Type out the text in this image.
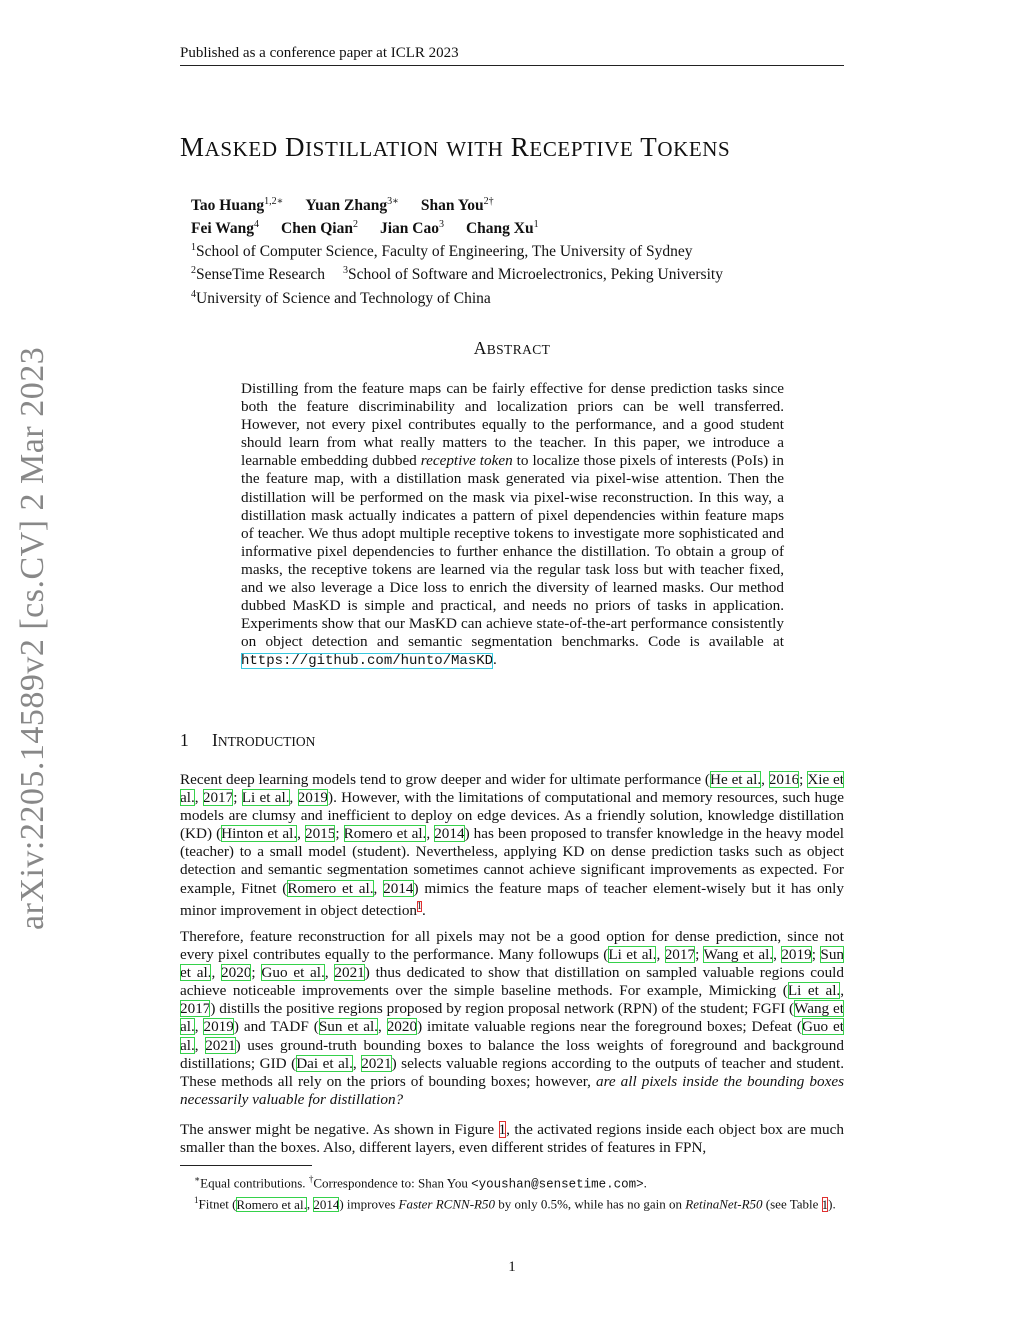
Published as a conference paper at ICLR 2023
arXiv:2205.14589v2 [cs.CV] 2 Mar 2023
MASKED DISTILLATION WITH RECEPTIVE TOKENS
Tao Huang$^{1,2∗}$ Yuan Zhang$^{3∗}$ Shan You$^{2\dagger}$
Fei Wang$^4$ Chen Qian$^2$ Jian Cao$^3$ Chang Xu$^1$
$^1$School of Computer Science, Faculty of Engineering, The University of Sydney
$^2$SenseTime Research $^3$School of Software and Microelectronics, Peking University
$^4$University of Science and Technology of China
ABSTRACT
Distilling from the feature maps can be fairly effective for dense prediction tasks since both the feature discriminability and localization priors can be well transferred. However, not every pixel contributes equally to the performance, and a good student should learn from what really matters to the teacher. In this paper, we introduce a learnable embedding dubbed receptive token to localize those pixels of interests (PoIs) in the feature map, with a distillation mask generated via pixel-wise attention. Then the distillation will be performed on the mask via pixel-wise reconstruction. In this way, a distillation mask actually indicates a pattern of pixel dependencies within feature maps of teacher. We thus adopt multiple receptive tokens to investigate more sophisticated and informative pixel dependencies to further enhance the distillation. To obtain a group of masks, the receptive tokens are learned via the regular task loss but with teacher fixed, and we also leverage a Dice loss to enrich the diversity of learned masks. Our method dubbed MasKD is simple and practical, and needs no priors of tasks in application. Experiments show that our MasKD can achieve state-of-the-art performance consistently on object detection and semantic segmentation benchmarks. Code is available at https://github.com/hunto/MasKD.
1 INTRODUCTION
Recent deep learning models tend to grow deeper and wider for ultimate performance (He et al., 2016; Xie et al., 2017; Li et al., 2019). However, with the limitations of computational and memory resources, such huge models are clumsy and inefficient to deploy on edge devices. As a friendly solution, knowledge distillation (KD) (Hinton et al., 2015; Romero et al., 2014) has been proposed to transfer knowledge in the heavy model (teacher) to a small model (student). Nevertheless, applying KD on dense prediction tasks such as object detection and semantic segmentation sometimes cannot achieve significant improvements as expected. For example, Fitnet (Romero et al., 2014) mimics the feature maps of teacher element-wisely but it has only minor improvement in object detection$^1$.
Therefore, feature reconstruction for all pixels may not be a good option for dense prediction, since not every pixel contributes equally to the performance. Many followups (Li et al., 2017; Wang et al., 2019; Sun et al., 2020; Guo et al., 2021) thus dedicated to show that distillation on sampled valuable regions could achieve noticeable improvements over the simple baseline methods. For example, Mimicking (Li et al., 2017) distills the positive regions proposed by region proposal network (RPN) of the student; FGFI (Wang et al., 2019) and TADF (Sun et al., 2020) imitate valuable regions near the foreground boxes; Defeat (Guo et al., 2021) uses ground-truth bounding boxes to balance the loss weights of foreground and background distillations; GID (Dai et al., 2021) selects valuable regions according to the outputs of teacher and student. These methods all rely on the priors of bounding boxes; however, are all pixels inside the bounding boxes necessarily valuable for distillation?
The answer might be negative. As shown in Figure 1, the activated regions inside each object box are much smaller than the boxes. Also, different layers, even different strides of features in FPN,
∗Equal contributions. †Correspondence to: Shan You <youshan@sensetime.com>.
$^1$Fitnet (Romero et al., 2014) improves Faster RCNN-R50 by only 0.5%, while has no gain on RetinaNet-R50 (see Table 1).
1
